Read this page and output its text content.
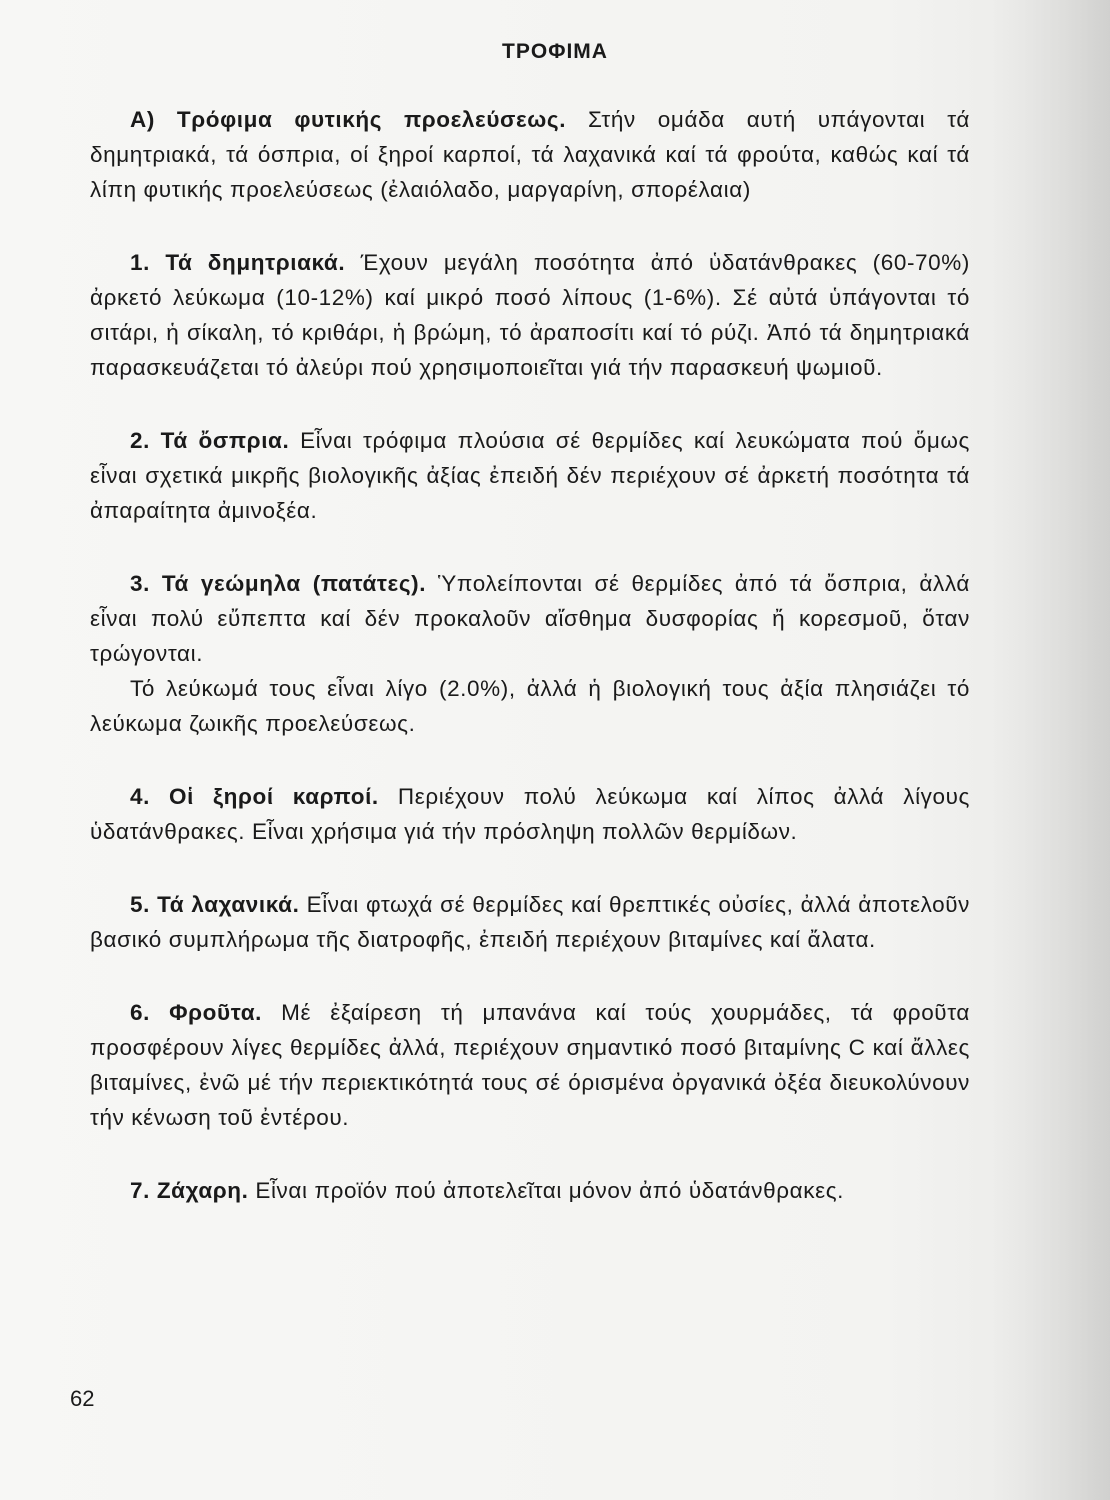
ΤΡΟΦΙΜΑ

Α) Τρόφιμα φυτικής προελεύσεως. Στήν ομάδα αυτή υπάγονται τά δημητριακά, τά όσπρια, οί ξηροί καρποί, τά λαχανικά καί τά φρούτα, καθώς καί τά λίπη φυτικής προελεύσεως (ἐλαιόλαδο, μαργαρίνη, σπορέλαια)

1. Τά δημητριακά. Έχουν μεγάλη ποσότητα ἀπό ὑδατάνθρακες (60-70%) ἀρκετό λεύκωμα (10-12%) καί μικρό ποσό λίπους (1-6%). Σέ αὐτά ὑπάγονται τό σιτάρι, ἡ σίκαλη, τό κριθάρι, ἡ βρώμη, τό ἀραποσίτι καί τό ρύζι. Ἀπό τά δημητριακά παρασκευάζεται τό ἀλεύρι πού χρησιμοποιεῖται γιά τήν παρασκευή ψωμιοῦ.

2. Τά ὄσπρια. Εἶναι τρόφιμα πλούσια σέ θερμίδες καί λευκώματα πού ὅμως εἶναι σχετικά μικρῆς βιολογικῆς ἀξίας ἐπειδή δέν περιέχουν σέ ἀρκετή ποσότητα τά ἀπαραίτητα ἀμινοξέα.

3. Τά γεώμηλα (πατάτες). Ὑπολείπονται σέ θερμίδες ἀπό τά ὄσπρια, ἀλλά εἶναι πολύ εὔπεπτα καί δέν προκαλοῦν αἴσθημα δυσφορίας ἤ κορεσμοῦ, ὅταν τρώγονται.

Τό λεύκωμά τους εἶναι λίγο (2.0%), ἀλλά ἡ βιολογική τους ἀξία πλησιάζει τό λεύκωμα ζωικῆς προελεύσεως.

4. Οἱ ξηροί καρποί. Περιέχουν πολύ λεύκωμα καί λίπος ἀλλά λίγους ὑδατάνθρακες. Εἶναι χρήσιμα γιά τήν πρόσληψη πολλῶν θερμίδων.

5. Τά λαχανικά. Εἶναι φτωχά σέ θερμίδες καί θρεπτικές οὐσίες, ἀλλά ἀποτελοῦν βασικό συμπλήρωμα τῆς διατροφῆς, ἐπειδή περιέχουν βιταμίνες καί ἄλατα.

6. Φροῦτα. Μέ ἐξαίρεση τή μπανάνα καί τούς χουρμάδες, τά φροῦτα προσφέρουν λίγες θερμίδες ἀλλά, περιέχουν σημαντικό ποσό βιταμίνης C καί ἄλλες βιταμίνες, ἐνῶ μέ τήν περιεκτικότητά τους σέ όρισμένα ὀργανικά ὀξέα διευκολύνουν τήν κένωση τοῦ ἐντέρου.

7. Ζάχαρη. Εἶναι προϊόν πού ἀποτελεῖται μόνον ἀπό ὑδατάνθρακες.

62
